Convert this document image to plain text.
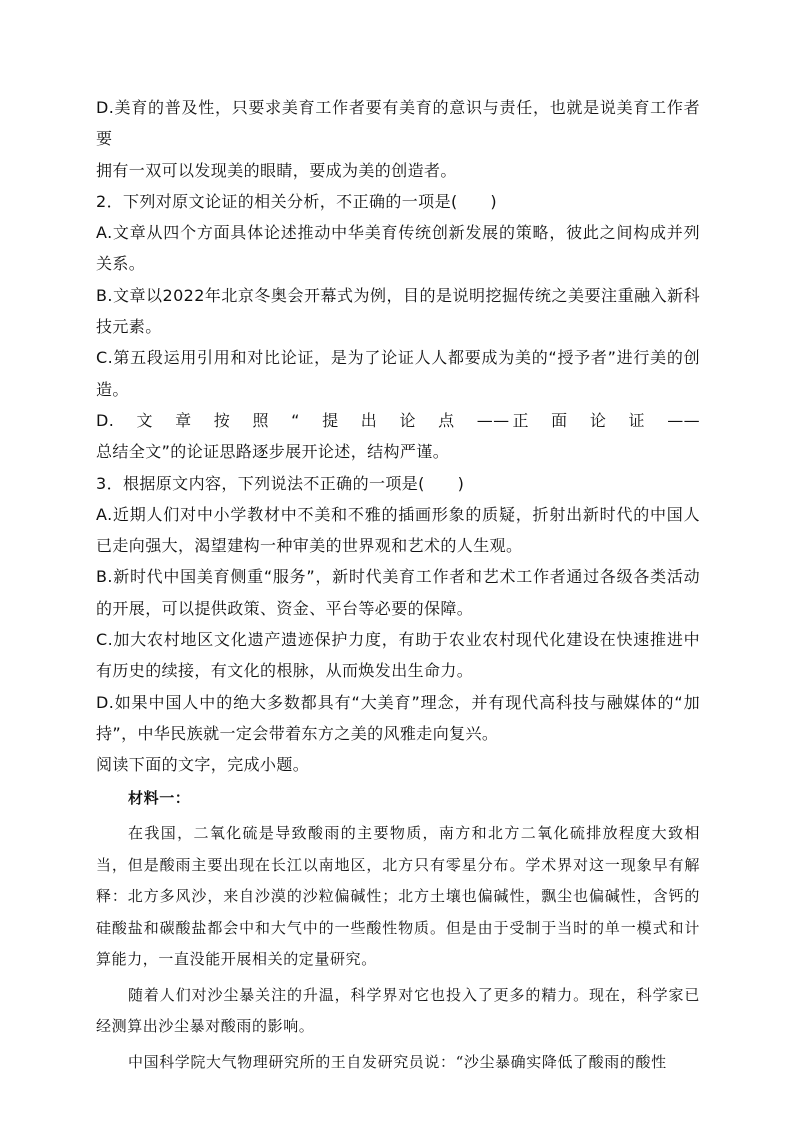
D.美育的普及性，只要求美育工作者要有美育的意识与责任，也就是说美育工作者要

拥有一双可以发现美的眼睛，要成为美的创造者。

2．下列对原文论证的相关分析，不正确的一项是(　　)

A.文章从四个方面具体论述推动中华美育传统创新发展的策略，彼此之间构成并列关系。

B.文章以2022年北京冬奥会开幕式为例，目的是说明挖掘传统之美要注重融入新科技元素。

C.第五段运用引用和对比论证，是为了论证人人都要成为美的“授予者”进行美的创造。

D.　文　章　按　照　“　提　出　论　点　——正　面　论　证　——

总结全文”的论证思路逐步展开论述，结构严谨。

3．根据原文内容，下列说法不正确的一项是(　　)

A.近期人们对中小学教材中不美和不雅的插画形象的质疑，折射出新时代的中国人已走向强大，渴望建构一种审美的世界观和艺术的人生观。

B.新时代中国美育侧重“服务”，新时代美育工作者和艺术工作者通过各级各类活动的开展，可以提供政策、资金、平台等必要的保障。

C.加大农村地区文化遗产遗迹保护力度，有助于农业农村现代化建设在快速推进中有历史的续接，有文化的根脉，从而焕发出生命力。

D.如果中国人中的绝大多数都具有“大美育”理念，并有现代高科技与融媒体的“加持”，中华民族就一定会带着东方之美的风雅走向复兴。

阅读下面的文字，完成小题。

材料一：

在我国，二氧化硫是导致酸雨的主要物质，南方和北方二氧化硫排放程度大致相当，但是酸雨主要出现在长江以南地区，北方只有零星分布。学术界对这一现象早有解释：北方多风沙，来自沙漠的沙粒偏碱性；北方土壤也偏碱性，飘尘也偏碱性，含钙的硅酸盐和碳酸盐都会中和大气中的一些酸性物质。但是由于受制于当时的单一模式和计算能力，一直没能开展相关的定量研究。

随着人们对沙尘暴关注的升温，科学界对它也投入了更多的精力。现在，科学家已经测算出沙尘暴对酸雨的影响。

中国科学院大气物理研究所的王自发研究员说：“沙尘暴确实降低了酸雨的酸性
